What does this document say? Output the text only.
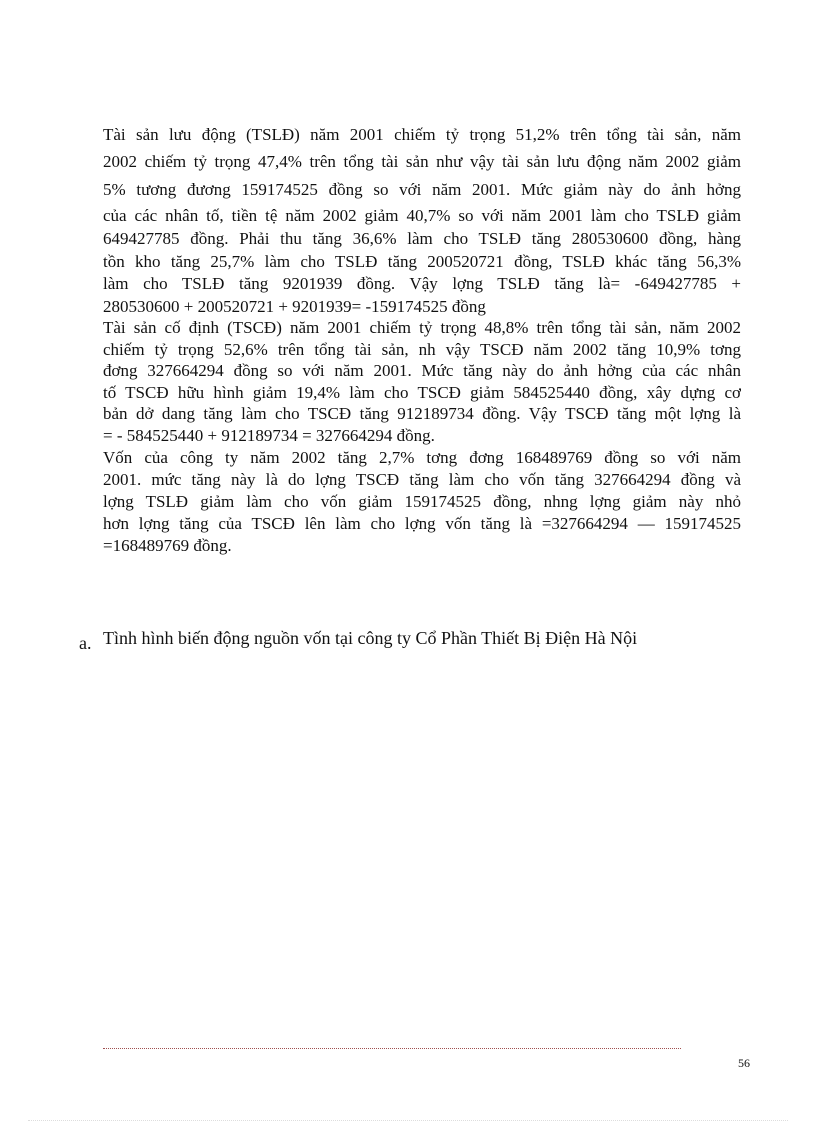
Tài sản lưu động (TSLĐ) năm 2001 chiếm tỷ trọng 51,2% trên tổng tài sản, năm
2002 chiếm tỷ trọng 47,4% trên tổng tài sản như vậy tài sản lưu động năm 2002 giảm
5% tương đương 159174525 đồng so với năm 2001. Mức giảm này do ảnh hởng
của các nhân tố, tiền tệ năm 2002 giảm 40,7% so với năm 2001 làm cho TSLĐ giảm
649427785 đồng. Phải thu tăng 36,6% làm cho TSLĐ tăng 280530600 đồng, hàng
tồn kho tăng 25,7% làm cho TSLĐ tăng 200520721 đồng, TSLĐ khác tăng 56,3%
làm cho TSLĐ tăng 9201939 đồng. Vậy lợng TSLĐ tăng là= -649427785 +
280530600 + 200520721 + 9201939= -159174525 đồng
Tài sản cố định (TSCĐ) năm 2001 chiếm tỷ trọng 48,8% trên tổng tài sản, năm 2002
chiếm tỷ trọng 52,6% trên tổng tài sản, nh vậy TSCĐ năm 2002 tăng 10,9% tơng
đơng 327664294 đồng so với năm 2001. Mức tăng này do ảnh hởng của các nhân
tố TSCĐ hữu hình giảm 19,4% làm cho TSCĐ giảm 584525440 đồng, xây dựng cơ
bản dở dang tăng làm cho TSCĐ tăng 912189734 đồng. Vậy TSCĐ tăng một lợng là
= - 584525440 + 912189734 = 327664294 đồng.
Vốn của công ty năm 2002 tăng 2,7% tơng đơng 168489769 đồng so với năm
2001. mức tăng này là do lợng TSCĐ tăng làm cho vốn tăng 327664294 đồng và
lợng TSLĐ giảm làm cho vốn giảm 159174525 đồng, nhng lợng giảm này nhỏ
hơn lợng tăng của TSCĐ lên làm cho lợng vốn tăng là =327664294 — 159174525
=168489769 đồng.
a. Tình hình biến động nguồn vốn tại công ty Cổ Phần Thiết Bị Điện Hà Nội
56
